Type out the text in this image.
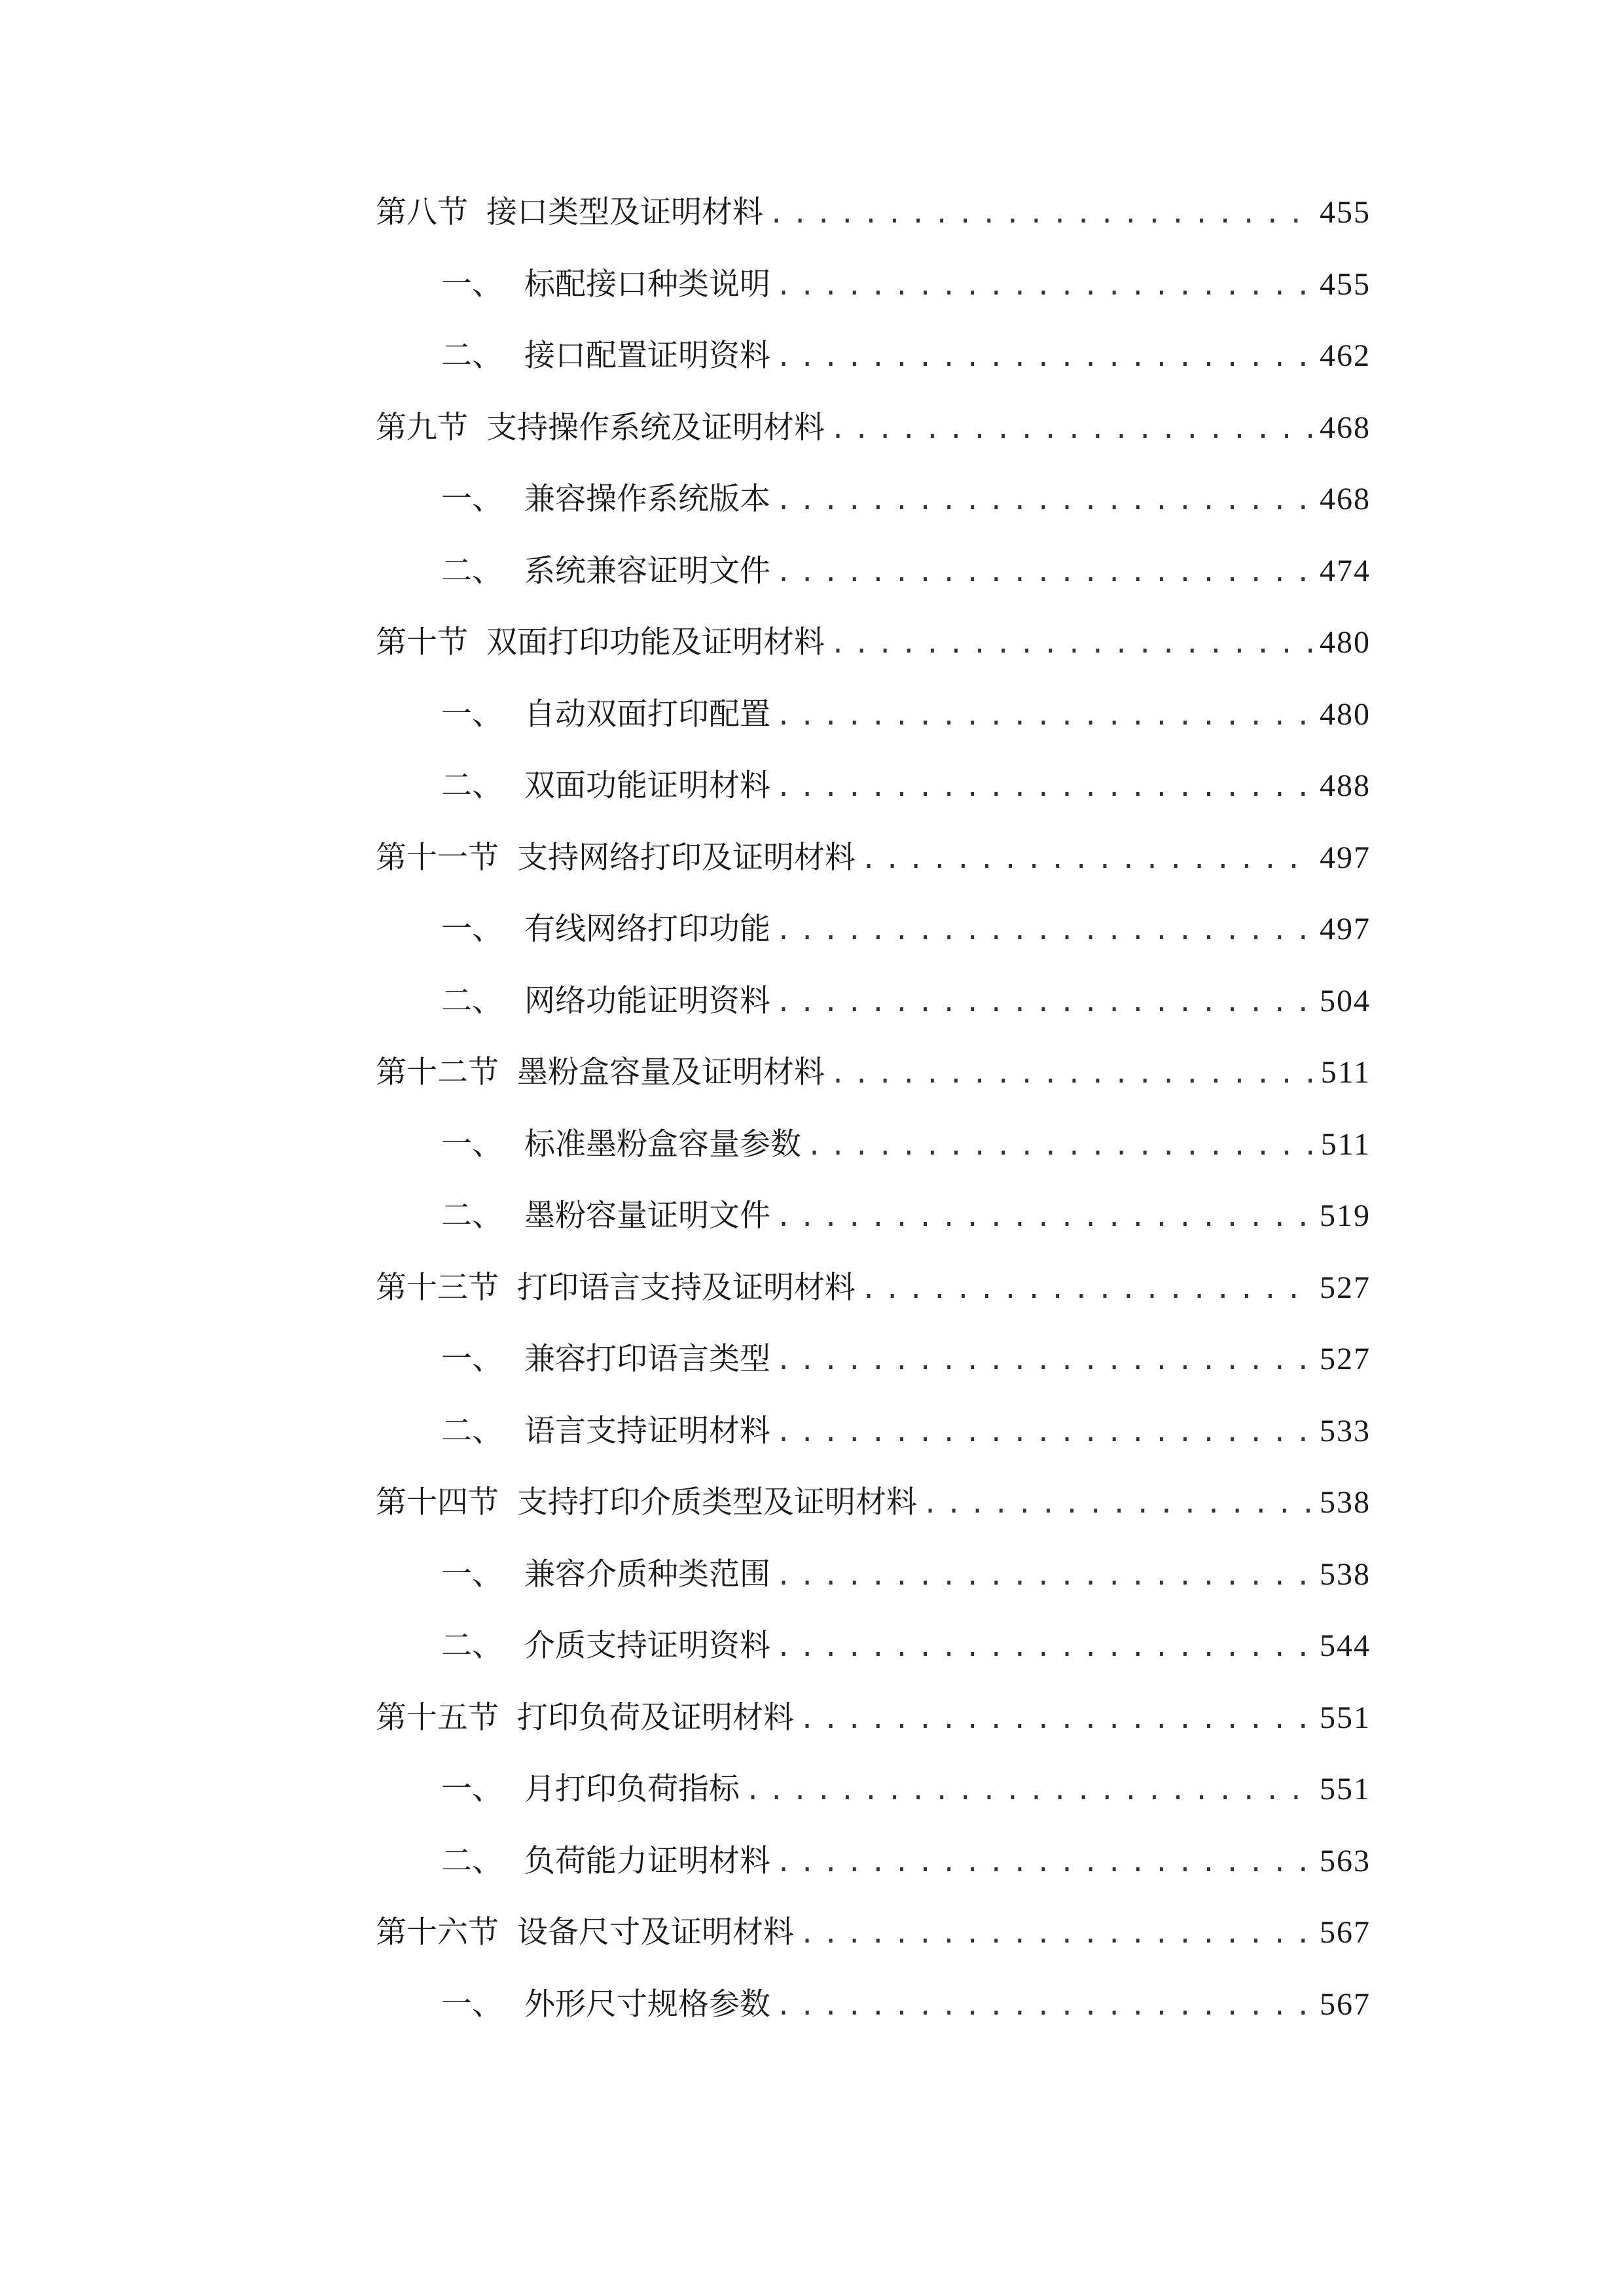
第八节 接口类型及证明材料 .....	455
一、 标配接口种类说明 .....	455
二、 接口配置证明资料 .....	462
第九节 支持操作系统及证明材料 .....	468
一、 兼容操作系统版本 .....	468
二、 系统兼容证明文件 .....	474
第十节 双面打印功能及证明材料 .....	480
一、 自动双面打印配置 .....	480
二、 双面功能证明材料 .....	488
第十一节 支持网络打印及证明材料 .....	497
一、 有线网络打印功能 .....	497
二、 网络功能证明资料 .....	504
第十二节 墨粉盒容量及证明材料 .....	511
一、 标准墨粉盒容量参数 .....	511
二、 墨粉容量证明文件 .....	519
第十三节 打印语言支持及证明材料 .....	527
一、 兼容打印语言类型 .....	527
二、 语言支持证明材料 .....	533
第十四节 支持打印介质类型及证明材料 .....	538
一、 兼容介质种类范围 .....	538
二、 介质支持证明资料 .....	544
第十五节 打印负荷及证明材料 .....	551
一、 月打印负荷指标 .....	551
二、 负荷能力证明材料 .....	563
第十六节 设备尺寸及证明材料 .....	567
一、 外形尺寸规格参数 .....	567
